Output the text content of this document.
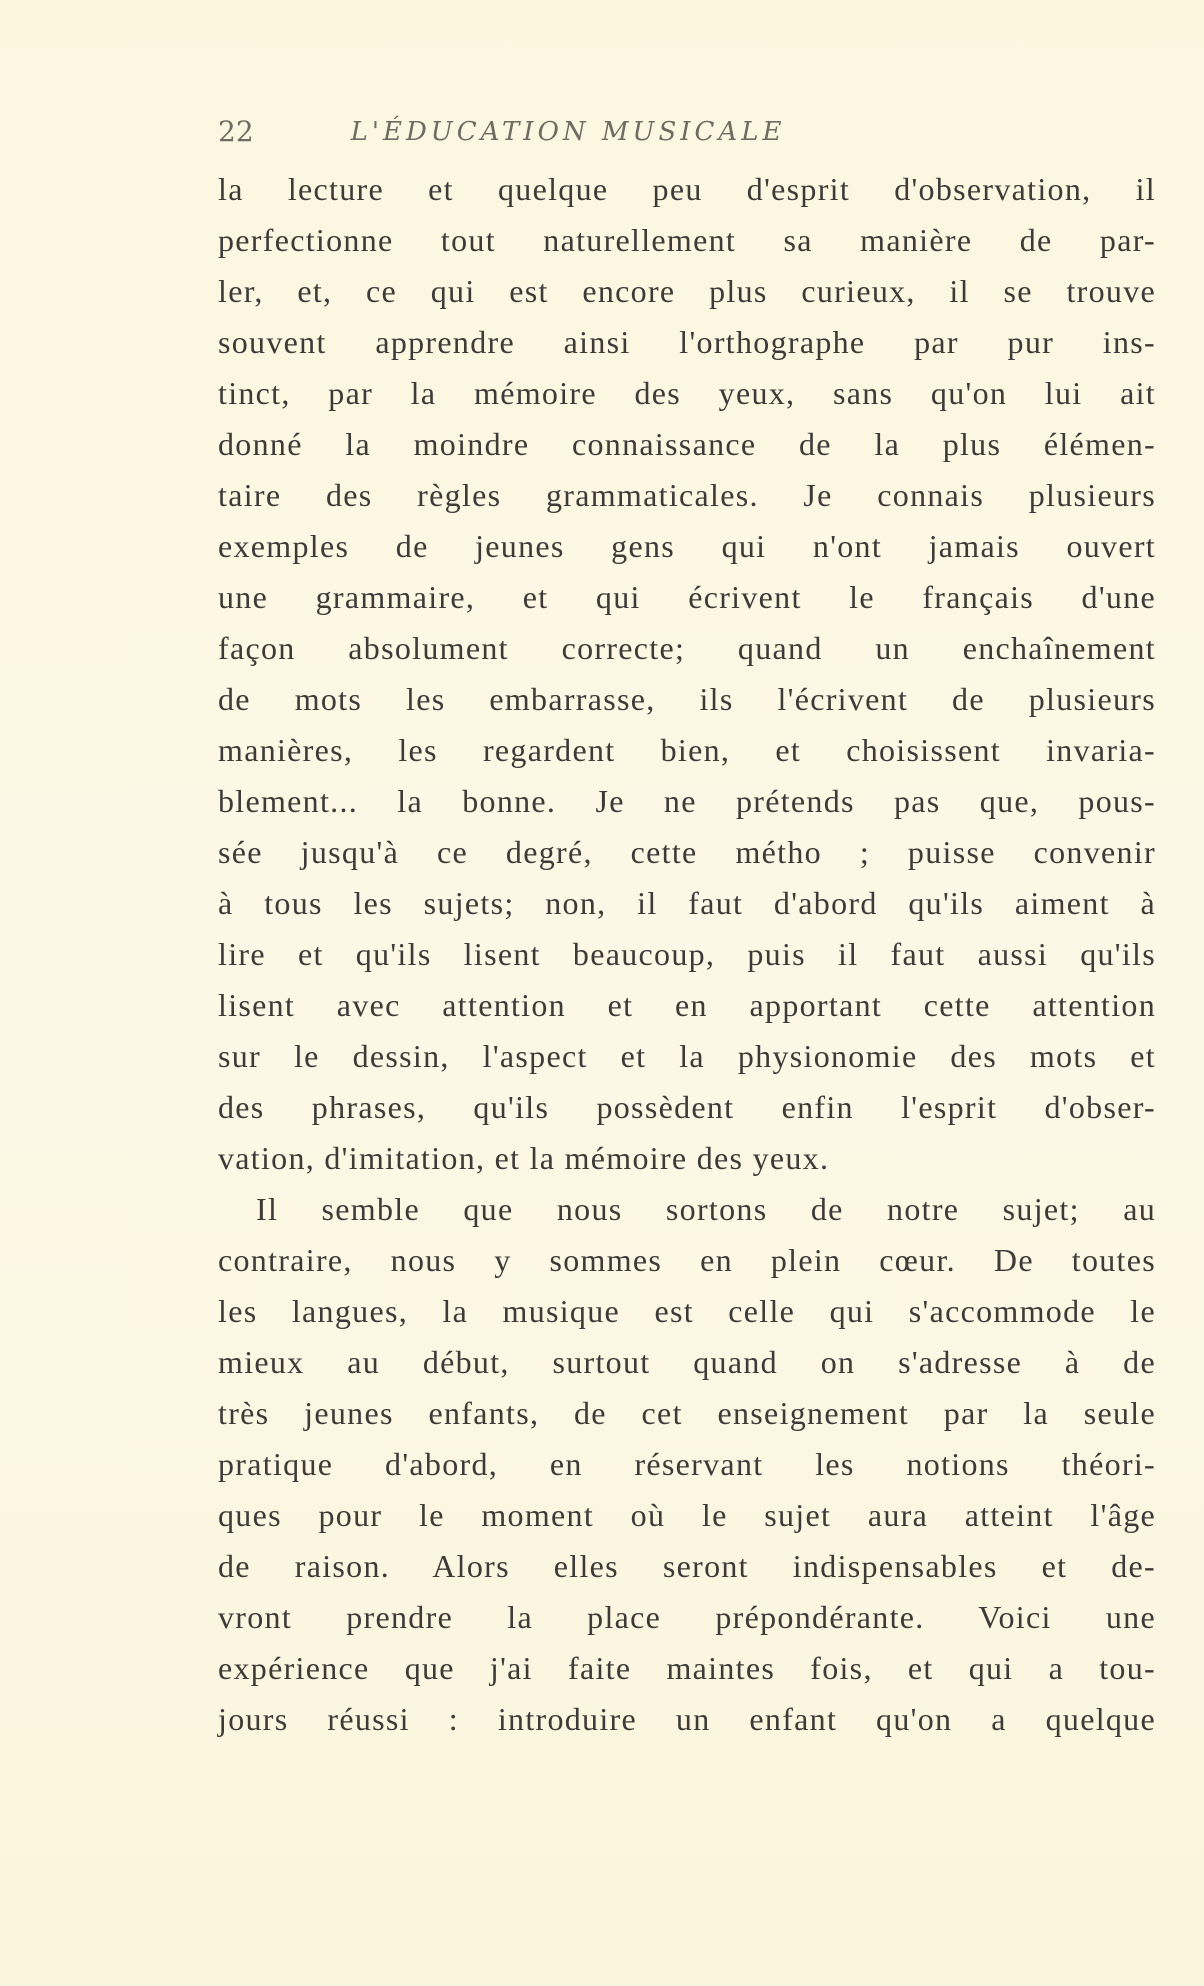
22	L'ÉDUCATION MUSICALE
la lecture et quelque peu d'esprit d'observation, il
perfectionne tout naturellement sa manière de par-
ler, et, ce qui est encore plus curieux, il se trouve
souvent apprendre ainsi l'orthographe par pur ins-
tinct, par la mémoire des yeux, sans qu'on lui ait
donné la moindre connaissance de la plus élémen-
taire des règles grammaticales. Je connais plusieurs
exemples de jeunes gens qui n'ont jamais ouvert
une grammaire, et qui écrivent le français d'une
façon absolument correcte; quand un enchaînement
de mots les embarrasse, ils l'écrivent de plusieurs
manières, les regardent bien, et choisissent invaria-
blement... la bonne. Je ne prétends pas que, pous-
sée jusqu'à ce degré, cette métho ; puisse convenir
à tous les sujets; non, il faut d'abord qu'ils aiment à
lire et qu'ils lisent beaucoup, puis il faut aussi qu'ils
lisent avec attention et en apportant cette attention
sur le dessin, l'aspect et la physionomie des mots et
des phrases, qu'ils possèdent enfin l'esprit d'obser-
vation, d'imitation, et la mémoire des yeux.
Il semble que nous sortons de notre sujet; au
contraire, nous y sommes en plein cœur. De toutes
les langues, la musique est celle qui s'accommode le
mieux au début, surtout quand on s'adresse à de
très jeunes enfants, de cet enseignement par la seule
pratique d'abord, en réservant les notions théori-
ques pour le moment où le sujet aura atteint l'âge
de raison. Alors elles seront indispensables et de-
vront prendre la place prépondérante. Voici une
expérience que j'ai faite maintes fois, et qui a tou-
jours réussi : introduire un enfant qu'on a quelque
